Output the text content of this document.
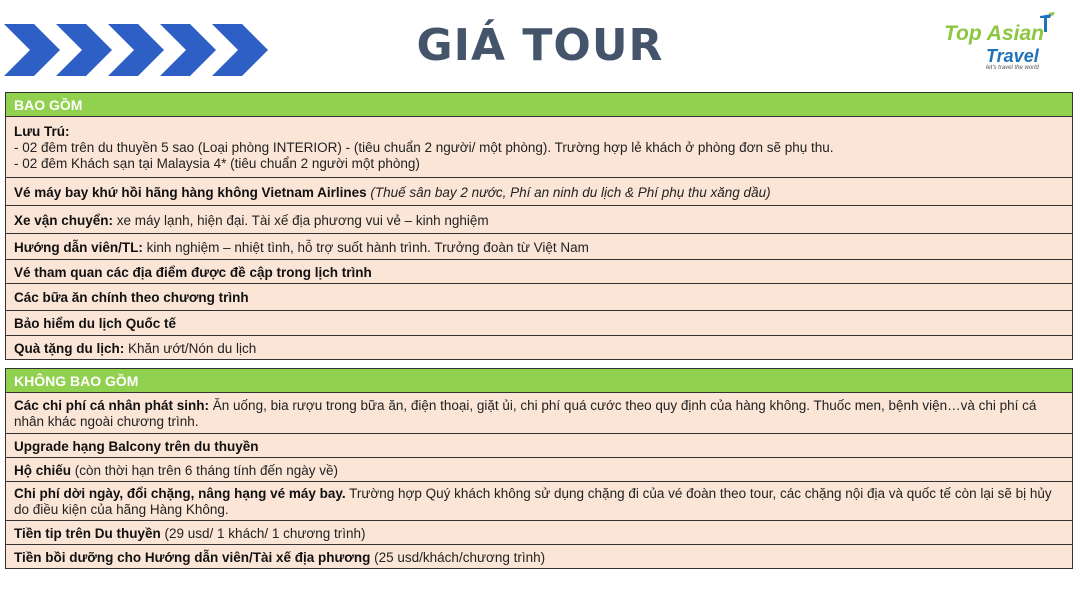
GIÁ TOUR	Top Asian
Travel
let's travel the world
BAO GỒM
Lưu Trú:
- 02 đêm trên du thuyền 5 sao (Loại phòng INTERIOR) - (tiêu chuẩn 2 người/ một phòng). Trường hợp lẻ khách ở phòng đơn sẽ phụ thu.
- 02 đêm Khách sạn tại Malaysia 4* (tiêu chuẩn 2 người một phòng)
Vé máy bay khứ hồi hãng hàng không Vietnam Airlines (Thuế sân bay 2 nước, Phí an ninh du lịch & Phí phụ thu xăng dầu)
Xe vận chuyển: xe máy lạnh, hiện đại. Tài xế địa phương vui vẻ – kinh nghiệm
Hướng dẫn viên/TL: kinh nghiệm – nhiệt tình, hỗ trợ suốt hành trình. Trưởng đoàn từ Việt Nam
Vé tham quan các địa điểm được đề cập trong lịch trình
Các bữa ăn chính theo chương trình
Bảo hiểm du lịch Quốc tế
Quà tặng du lịch: Khăn ướt/Nón du lịch
KHÔNG BAO GỒM
Các chi phí cá nhân phát sinh: Ăn uống, bia rượu trong bữa ăn, điện thoại, giặt ủi, chi phí quá cước theo quy định của hàng không. Thuốc men, bệnh viện…và chi phí cá nhân khác ngoài chương trình.
Upgrade hạng Balcony trên du thuyền
Hộ chiếu (còn thời hạn trên 6 tháng tính đến ngày về)
Chi phí dời ngày, đổi chặng, nâng hạng vé máy bay. Trường hợp Quý khách không sử dụng chặng đi của vé đoàn theo tour, các chặng nội địa và quốc tế còn lại sẽ bị hủy do điều kiện của hãng Hàng Không.
Tiền tip trên Du thuyền (29 usd/ 1 khách/ 1 chương trình)
Tiền bồi dưỡng cho Hướng dẫn viên/Tài xế địa phương (25 usd/khách/chương trình)
